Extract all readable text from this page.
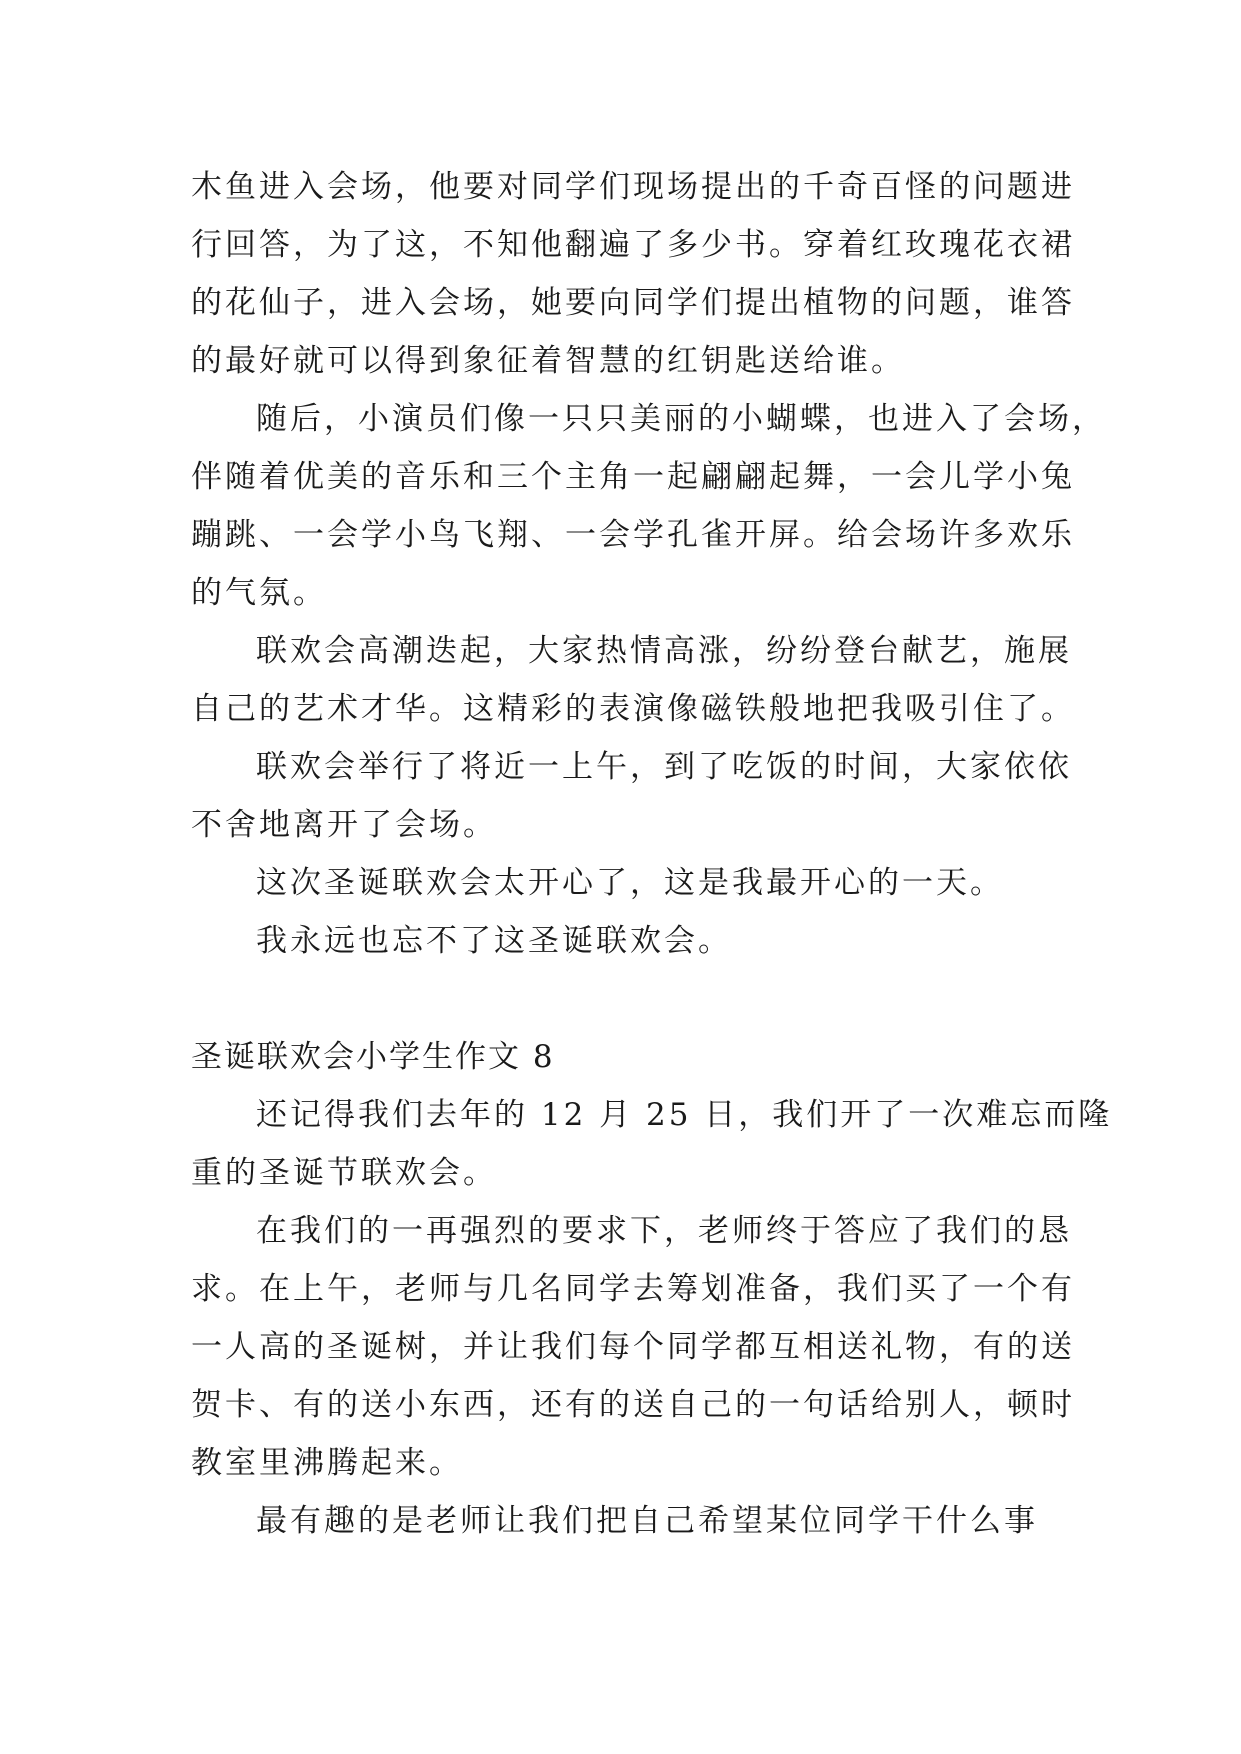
木鱼进入会场，他要对同学们现场提出的千奇百怪的问题进
行回答，为了这，不知他翻遍了多少书。穿着红玫瑰花衣裙
的花仙子，进入会场，她要向同学们提出植物的问题，谁答
的最好就可以得到象征着智慧的红钥匙送给谁。
随后，小演员们像一只只美丽的小蝴蝶，也进入了会场，
伴随着优美的音乐和三个主角一起翩翩起舞，一会儿学小兔
蹦跳、一会学小鸟飞翔、一会学孔雀开屏。给会场许多欢乐
的气氛。
联欢会高潮迭起，大家热情高涨，纷纷登台献艺，施展
自己的艺术才华。这精彩的表演像磁铁般地把我吸引住了。
联欢会举行了将近一上午，到了吃饭的时间，大家依依
不舍地离开了会场。
这次圣诞联欢会太开心了，这是我最开心的一天。
我永远也忘不了这圣诞联欢会。
圣诞联欢会小学生作文 8
还记得我们去年的 12 月 25 日，我们开了一次难忘而隆
重的圣诞节联欢会。
在我们的一再强烈的要求下，老师终于答应了我们的恳
求。在上午，老师与几名同学去筹划准备，我们买了一个有
一人高的圣诞树，并让我们每个同学都互相送礼物，有的送
贺卡、有的送小东西，还有的送自己的一句话给别人，顿时
教室里沸腾起来。
最有趣的是老师让我们把自己希望某位同学干什么事
